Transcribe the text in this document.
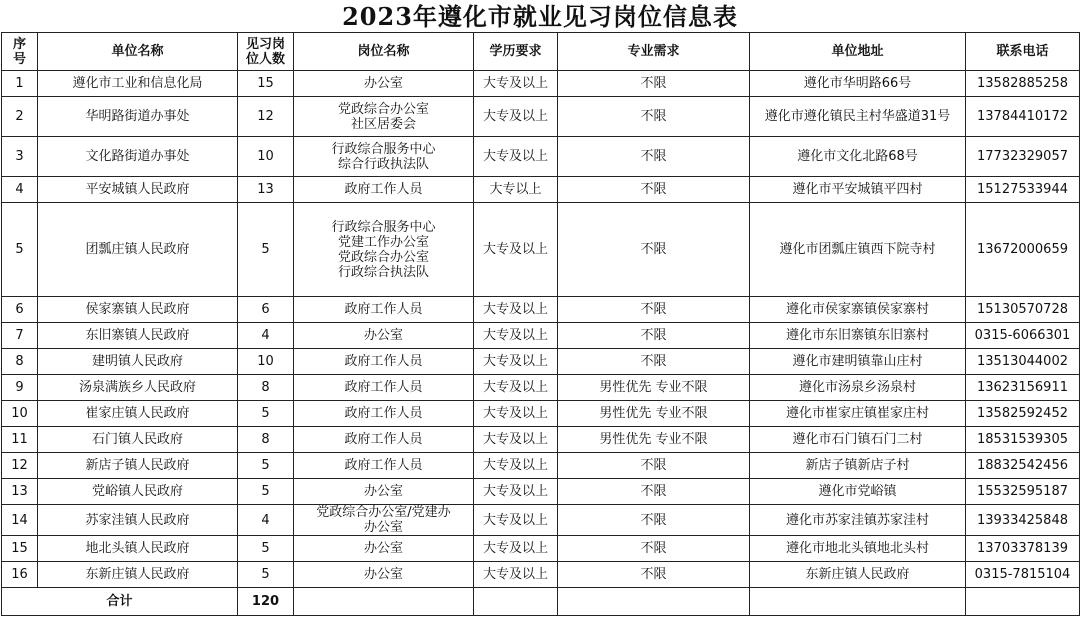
2023年遵化市就业见习岗位信息表
序
号	单位名称	见习岗
位人数	岗位名称	学历要求	专业需求	单位地址	联系电话
1	遵化市工业和信息化局	15	办公室	大专及以上	不限	遵化市华明路66号	13582885258
2	华明路街道办事处	12	党政综合办公室
社区居委会	大专及以上	不限	遵化市遵化镇民主村华盛道31号	13784410172
3	文化路街道办事处	10	行政综合服务中心
综合行政执法队	大专及以上	不限	遵化市文化北路68号	17732329057
4	平安城镇人民政府	13	政府工作人员	大专以上	不限	遵化市平安城镇平四村	15127533944
5	团瓢庄镇人民政府	5	行政综合服务中心
党建工作办公室
党政综合办公室
行政综合执法队	大专及以上	不限	遵化市团瓢庄镇西下院寺村	13672000659
6	侯家寨镇人民政府	6	政府工作人员	大专及以上	不限	遵化市侯家寨镇侯家寨村	15130570728
7	东旧寨镇人民政府	4	办公室	大专及以上	不限	遵化市东旧寨镇东旧寨村	0315-6066301
8	建明镇人民政府	10	政府工作人员	大专及以上	不限	遵化市建明镇靠山庄村	13513044002
9	汤泉满族乡人民政府	8	政府工作人员	大专及以上	男性优先 专业不限	遵化市汤泉乡汤泉村	13623156911
10	崔家庄镇人民政府	5	政府工作人员	大专及以上	男性优先 专业不限	遵化市崔家庄镇崔家庄村	13582592452
11	石门镇人民政府	8	政府工作人员	大专及以上	男性优先 专业不限	遵化市石门镇石门二村	18531539305
12	新店子镇人民政府	5	政府工作人员	大专及以上	不限	新店子镇新店子村	18832542456
13	党峪镇人民政府	5	办公室	大专及以上	不限	遵化市党峪镇	15532595187
14	苏家洼镇人民政府	4	党政综合办公室/党建办
办公室	大专及以上	不限	遵化市苏家洼镇苏家洼村	13933425848
15	地北头镇人民政府	5	办公室	大专及以上	不限	遵化市地北头镇地北头村	13703378139
16	东新庄镇人民政府	5	办公室	大专及以上	不限	东新庄镇人民政府	0315-7815104
合计		120					
